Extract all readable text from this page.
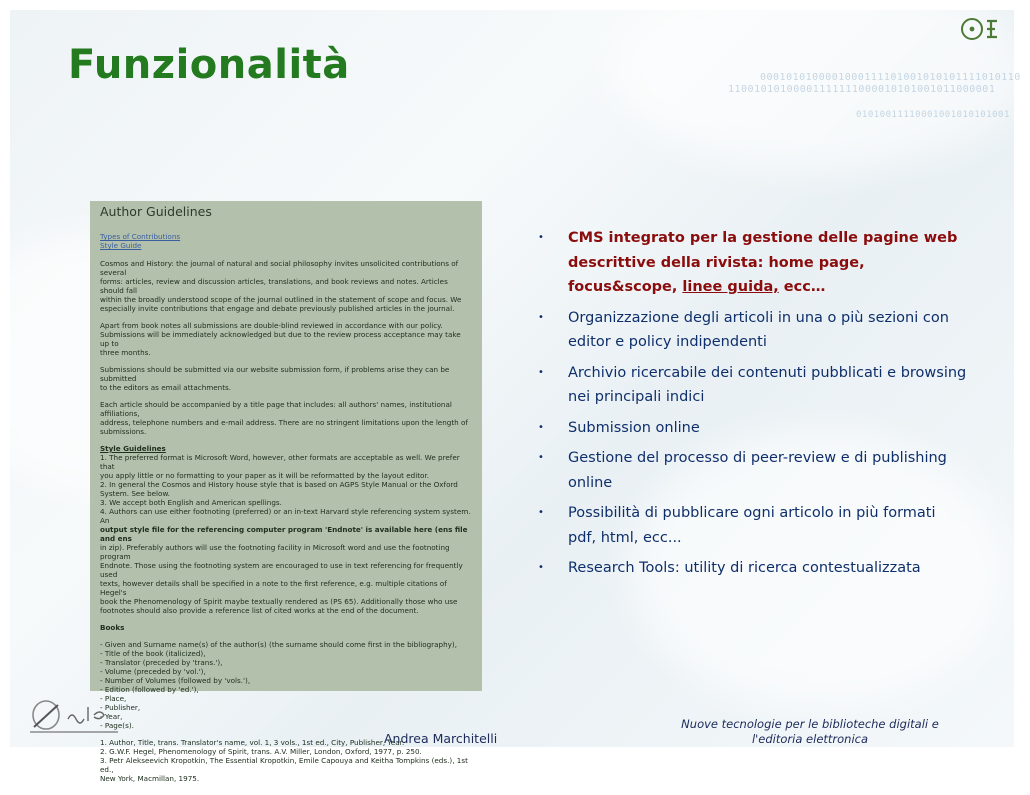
0001010100001000111101001010101111010110
11001010100001111111000010101001011000001
01010011110001001010101001
Funzionalità
Author Guidelines
Types of Contributions
Style Guide
Cosmos and History: the journal of natural and social philosophy invites unsolicited contributions of several
forms: articles, review and discussion articles, translations, and book reviews and notes. Articles should fall
within the broadly understood scope of the journal outlined in the statement of scope and focus. We
especially invite contributions that engage and debate previously published articles in the journal.
Apart from book notes all submissions are double-blind reviewed in accordance with our policy.
Submissions will be immediately acknowledged but due to the review process acceptance may take up to
three months.
Submissions should be submitted via our website submission form, if problems arise they can be submitted
to the editors as email attachments.
Each article should be accompanied by a title page that includes: all authors' names, institutional affiliations,
address, telephone numbers and e-mail address. There are no stringent limitations upon the length of
submissions.
Style Guidelines
1. The preferred format is Microsoft Word, however, other formats are acceptable as well. We prefer that
you apply little or no formatting to your paper as it will be reformatted by the layout editor.
2. In general the Cosmos and History house style that is based on AGPS Style Manual or the Oxford
System. See below.
3. We accept both English and American spellings.
4. Authors can use either footnoting (preferred) or an in-text Harvard style referencing system system. An
output style file for the referencing computer program 'Endnote' is available here (ens file and ens
in zip). Preferably authors will use the footnoting facility in Microsoft word and use the footnoting program
Endnote. Those using the footnoting system are encouraged to use in text referencing for frequently used
texts, however details shall be specified in a note to the first reference, e.g. multiple citations of Hegel's
book the Phenomenology of Spirit maybe textually rendered as (PS 65). Additionally those who use
footnotes should also provide a reference list of cited works at the end of the document.
Books
- Given and Surname name(s) of the author(s) (the surname should come first in the bibliography),
- Title of the book (italicized),
- Translator (preceded by 'trans.'),
- Volume (preceded by 'vol.'),
- Number of Volumes (followed by 'vols.'),
- Edition (followed by 'ed.'),
- Place,
- Publisher,
- Year,
- Page(s).
1. Author, Title, trans. Translator's name, vol. 1, 3 vols., 1st ed., City, Publisher, Year.
2. G.W.F. Hegel, Phenomenology of Spirit, trans. A.V. Miller, London, Oxford, 1977, p. 250.
3. Petr Alekseevich Kropotkin, The Essential Kropotkin, Emile Capouya and Keitha Tompkins (eds.), 1st ed.,
New York, Macmillan, 1975.
• CMS integrato per la gestione delle pagine web descrittive della rivista: home page, focus&scope, linee guida, ecc…
• Organizzazione degli articoli in una o più sezioni con editor e policy indipendenti
• Archivio ricercabile dei contenuti pubblicati e browsing nei principali indici
• Submission online
• Gestione del processo di peer-review e di publishing online
• Possibilità di pubblicare ogni articolo in più formati pdf, html, ecc...
• Research Tools: utility di ricerca contestualizzata
Andrea Marchitelli
Nuove tecnologie per le biblioteche digitali e
l'editoria elettronica
